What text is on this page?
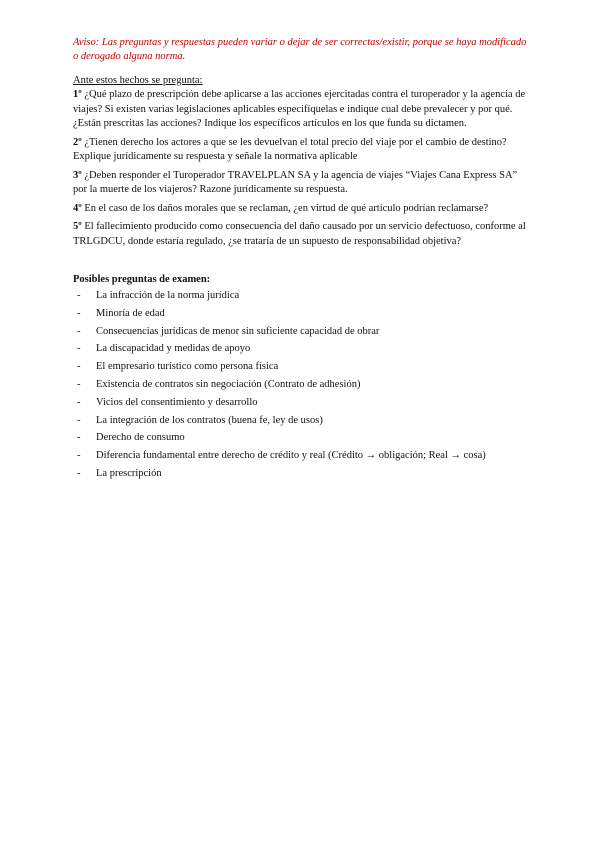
Aviso: Las preguntas y respuestas pueden variar o dejar de ser correctas/existir, porque se haya modificado o derogado alguna norma.

Ante estos hechos se pregunta:

1º ¿Qué plazo de prescripción debe aplicarse a las acciones ejercitadas contra el turoperador y la agencia de viajes? Si existen varias legislaciones aplicables especifíquelas e indique cual debe prevalecer y por qué. ¿Están prescritas las acciones? Indique los específicos artículos en los que funda su dictamen.

2º ¿Tienen derecho los actores a que se les devuelvan el total precio del viaje por el cambio de destino? Explique jurídicamente su respuesta y señale la normativa aplicable

3º ¿Deben responder el Turoperador TRAVELPLAN SA y la agencia de viajes “Viajes Cana Express SA” por la muerte de los viajeros? Razone jurídicamente su respuesta.

4º En el caso de los daños morales que se reclaman, ¿en virtud de qué artículo podrían reclamarse?

5º El fallecimiento producido como consecuencia del daño causado por un servicio defectuoso, conforme al TRLGDCU, donde estaría regulado, ¿se trataría de un supuesto de responsabilidad objetiva?

Posibles preguntas de examen:

-	La infracción de la norma jurídica
-	Minoría de edad
-	Consecuencias jurídicas de menor sin suficiente capacidad de obrar
-	La discapacidad y medidas de apoyo
-	El empresario turístico como persona física
-	Existencia de contratos sin negociación (Contrato de adhesión)
-	Vicios del consentimiento y desarrollo
-	La integración de los contratos (buena fe, ley de usos)
-	Derecho de consumo
-	Diferencia fundamental entre derecho de crédito y real (Crédito → obligación; Real → cosa)
-	La prescripción
